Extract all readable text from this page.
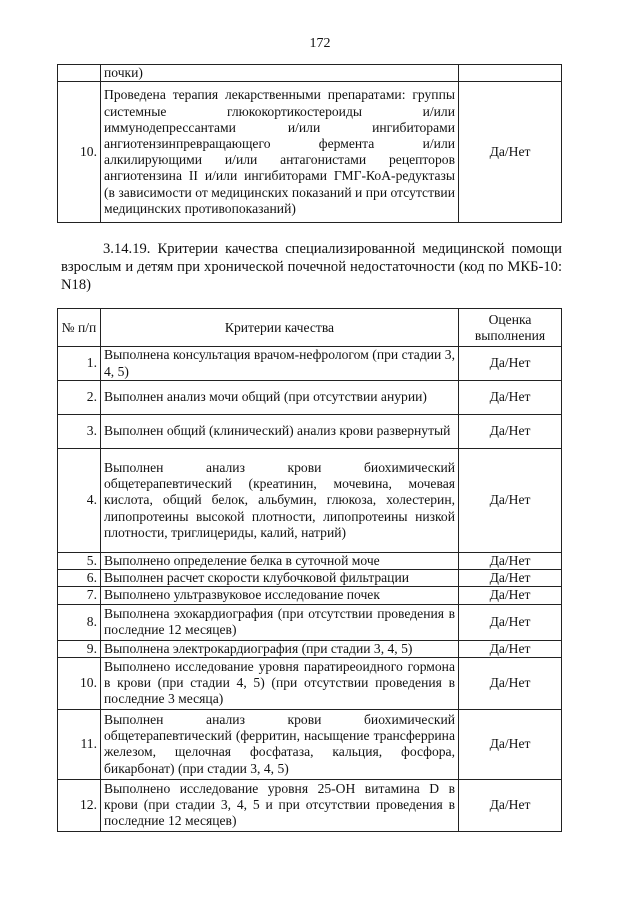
172
	почки)	
10.	Проведена терапия лекарственными препаратами: группы системные глюкокортикостероиды и/или иммунодепрессантами и/или ингибиторами ангиотензинпревращающего фермента и/или алкилирующими и/или антагонистами рецепторов ангиотензина II и/или ингибиторами ГМГ-КоА-редуктазы (в зависимости от медицинских показаний и при отсутствии медицинских противопоказаний)	Да/Нет
3.14.19. Критерии качества специализированной медицинской помощи взрослым и детям при хронической почечной недостаточности (код по МКБ-10: N18)
№ п/п	Критерии качества	Оценка выполнения
1.	Выполнена консультация врачом-нефрологом (при стадии 3, 4, 5)	Да/Нет
2.	Выполнен анализ мочи общий (при отсутствии анурии)	Да/Нет
3.	Выполнен общий (клинический) анализ крови развернутый	Да/Нет
4.	Выполнен анализ крови биохимический общетерапевтический (креатинин, мочевина, мочевая кислота, общий белок, альбумин, глюкоза, холестерин, липопротеины высокой плотности, липопротеины низкой плотности, триглицериды, калий, натрий)	Да/Нет
5.	Выполнено определение белка в суточной моче	Да/Нет
6.	Выполнен расчет скорости клубочковой фильтрации	Да/Нет
7.	Выполнено ультразвуковое исследование почек	Да/Нет
8.	Выполнена эхокардиография (при отсутствии проведения в последние 12 месяцев)	Да/Нет
9.	Выполнена электрокардиография (при стадии 3, 4, 5)	Да/Нет
10.	Выполнено исследование уровня паратиреоидного гормона в крови (при стадии 4, 5) (при отсутствии проведения в последние 3 месяца)	Да/Нет
11.	Выполнен анализ крови биохимический общетерапевтический (ферритин, насыщение трансферрина железом, щелочная фосфатаза, кальция, фосфора, бикарбонат) (при стадии 3, 4, 5)	Да/Нет
12.	Выполнено исследование уровня 25-ОН витамина D в крови (при стадии 3, 4, 5 и при отсутствии проведения в последние 12 месяцев)	Да/Нет
